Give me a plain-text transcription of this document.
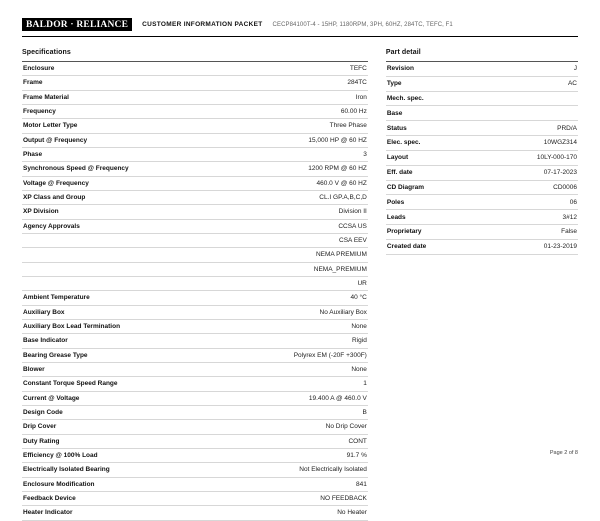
BALDOR · RELIANCE	CUSTOMER INFORMATION PACKET CECP84100T-4 - 15HP, 1180RPM, 3PH, 60HZ, 284TC, TEFC, F1
Specifications
Enclosure	TEFC
Frame	284TC
Frame Material	Iron
Frequency	60.00 Hz
Motor Letter Type	Three Phase
Output @ Frequency	15,000 HP @ 60 HZ
Phase	3
Synchronous Speed @ Frequency	1200 RPM @ 60 HZ
Voltage @ Frequency	460.0 V @ 60 HZ
XP Class and Group	CL.I GP.A,B,C,D
XP Division	Division II
Agency Approvals	CCSA US
	CSA EEV
	NEMA PREMIUM
	NEMA_PREMIUM
	UR
Ambient Temperature	40 °C
Auxiliary Box	No Auxiliary Box
Auxiliary Box Lead Termination	None
Base Indicator	Rigid
Bearing Grease Type	Polyrex EM (-20F +300F)
Blower	None
Constant Torque Speed Range	1
Current @ Voltage	19.400 A @ 460.0 V
Design Code	B
Drip Cover	No Drip Cover
Duty Rating	CONT
Efficiency @ 100% Load	91.7 %
Electrically Isolated Bearing	Not Electrically Isolated
Enclosure Modification	841
Feedback Device	NO FEEDBACK
Heater Indicator	No Heater
Part detail
Revision	J
Type	AC
Mech. spec.	
Base	
Status	PRD/A
Elec. spec.	10WGZ314
Layout	10LY-000-170
Eff. date	07-17-2023
CD Diagram	CD0006
Poles	06
Leads	3#12
Proprietary	False
Created date	01-23-2019
Page 2 of 8
